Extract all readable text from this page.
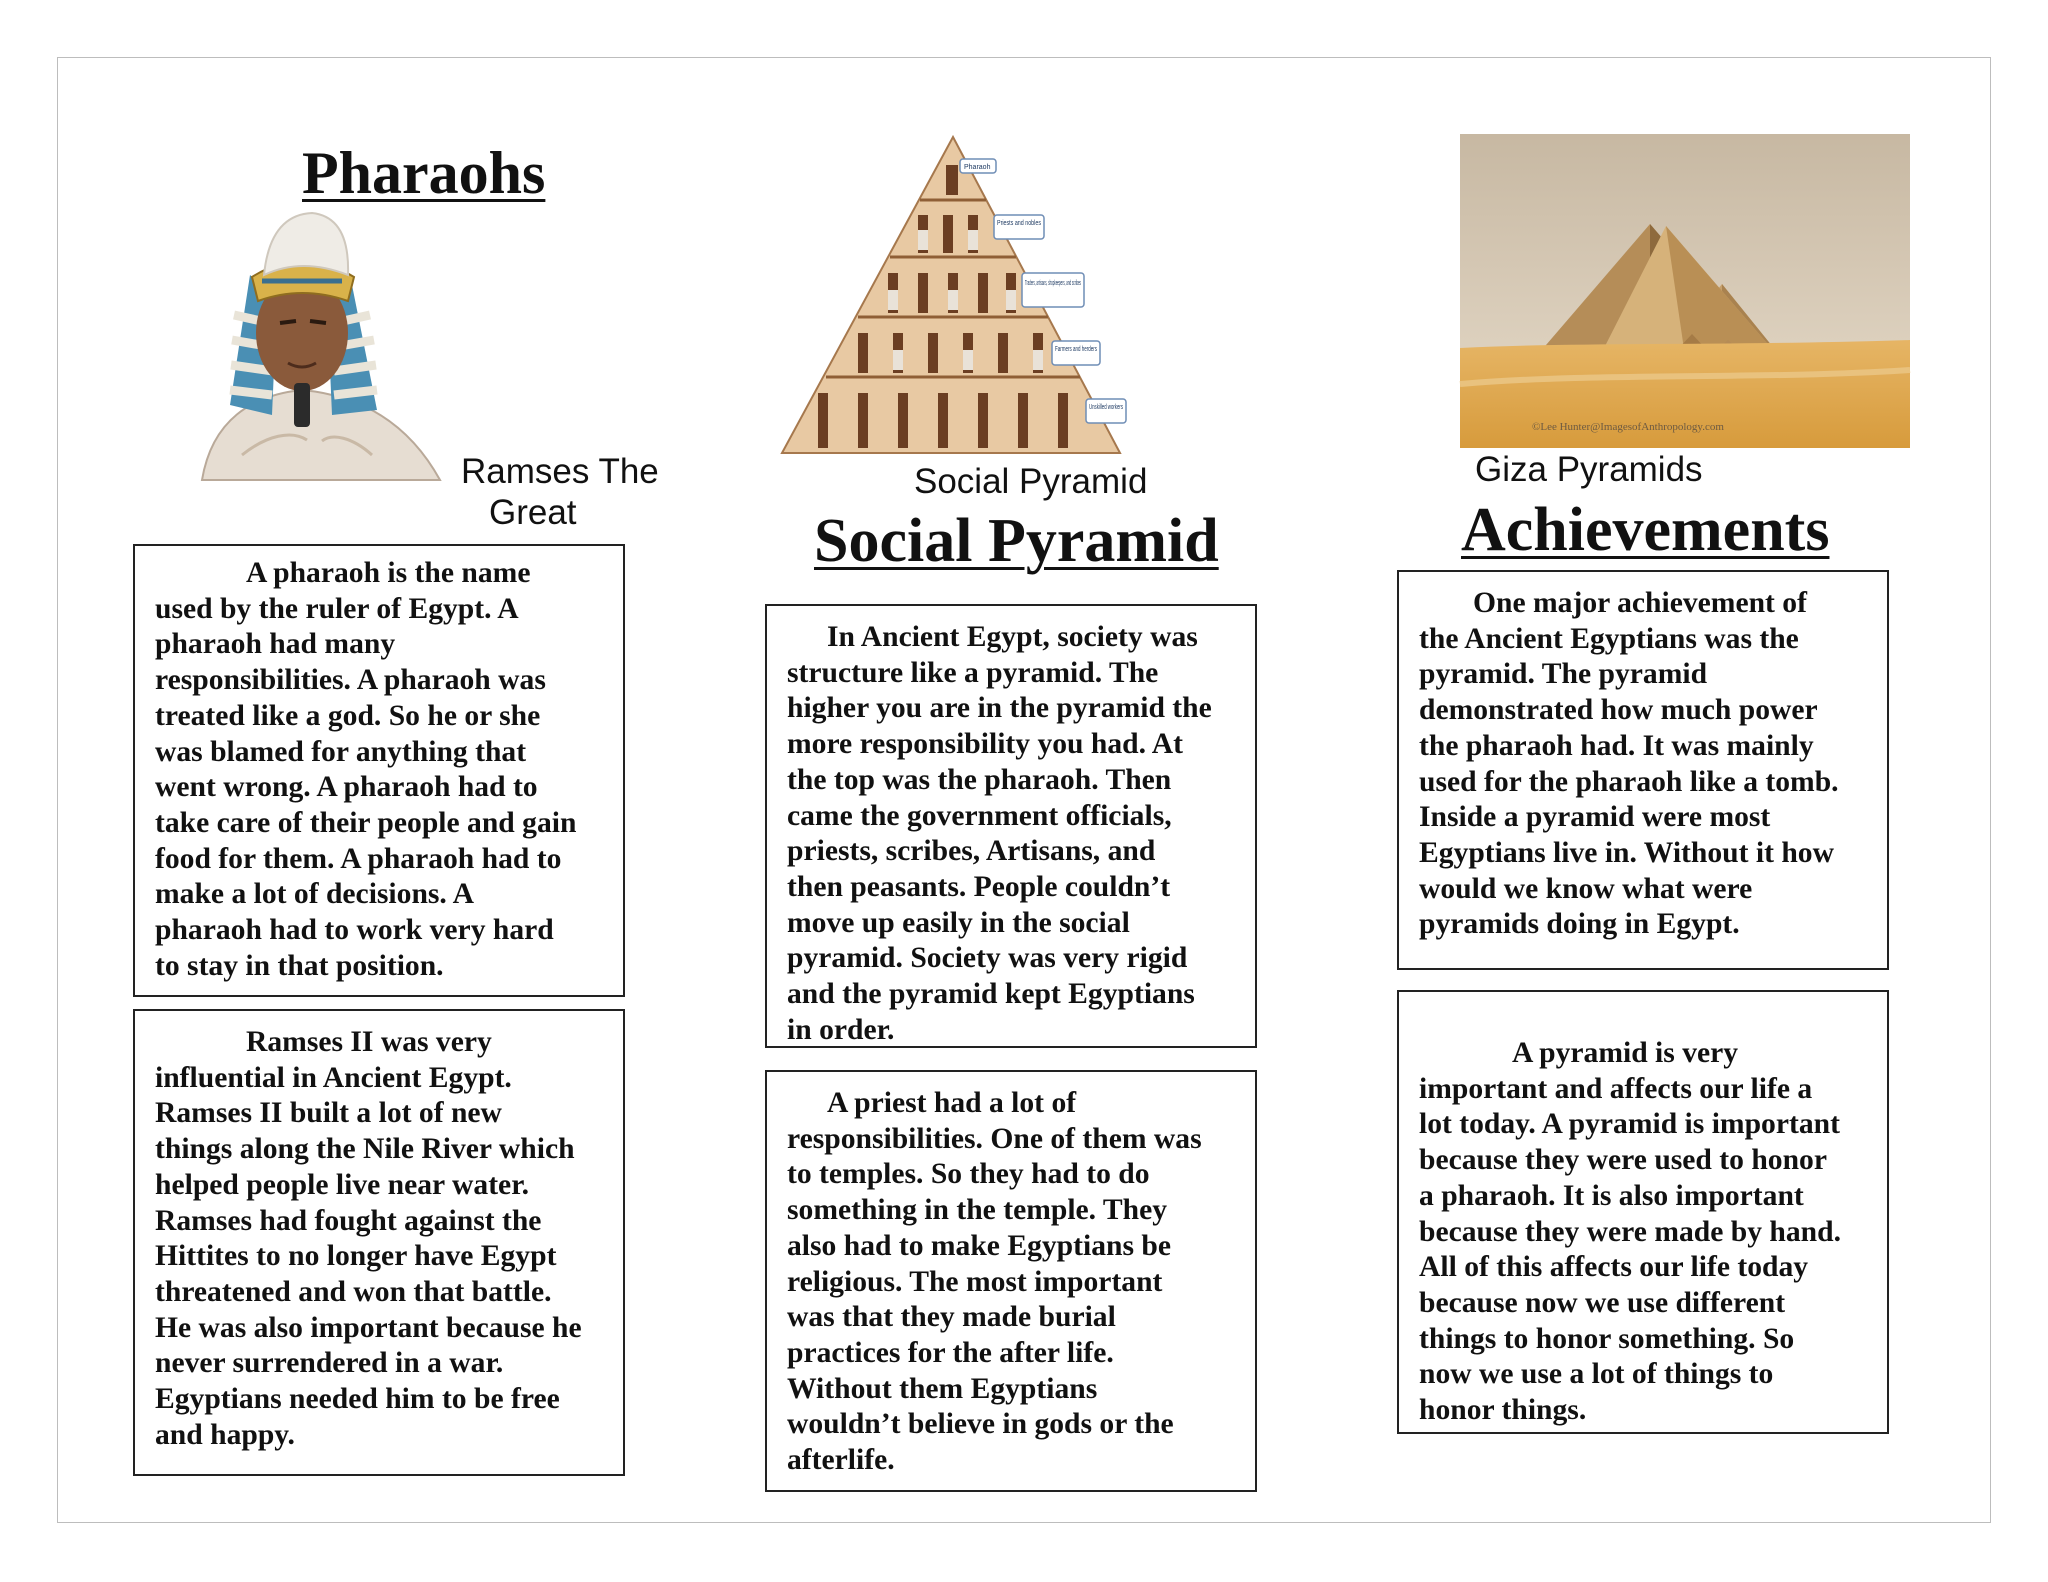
Pharaohs
Ramses The
Great

A pharaoh is the name

used by the ruler of Egypt. A

pharaoh had many

responsibilities. A pharaoh was

treated like a god. So he or she

was blamed for anything that

went wrong. A pharaoh had to

take care of their people and gain

food for them. A pharaoh had to

make a lot of decisions. A

pharaoh had to work very hard

to stay in that position.

Ramses II was very

influential in Ancient Egypt.

Ramses II built a lot of new

things along the Nile River which

helped people live near water.

Ramses had fought against the

Hittites to no longer have Egypt

threatened and won that battle.

He was also important because he

never surrendered in a war.

Egyptians needed him to be free

and happy.

Pharaoh
Priests and nobles
Traders, artisans, shopkeepers, and scribes
Farmers and herders
Unskilled workers
Social Pyramid
Social Pyramid

In Ancient Egypt, society was

structure like a pyramid. The

higher you are in the pyramid the

more responsibility you had. At

the top was the pharaoh. Then

came the government officials,

priests, scribes, Artisans, and

then peasants. People couldn’t

move up easily in the social

pyramid. Society was very rigid

and the pyramid kept Egyptians

in order.

A priest had a lot of

responsibilities. One of them was

to temples. So they had to do

something in the temple. They

also had to make Egyptians be

religious. The most important

was that they made burial

practices for the after life.

Without them Egyptians

wouldn’t believe in gods or the

afterlife.

©Lee Hunter@ImagesofAnthropology.com
Giza Pyramids
Achievements

One major achievement of

the Ancient Egyptians was the

pyramid. The pyramid

demonstrated how much power

the pharaoh had. It was mainly

used for the pharaoh like a tomb.

Inside a pyramid were most

Egyptians live in. Without it how

would we know what were

pyramids doing in Egypt.

A pyramid is very

important and affects our life a

lot today. A pyramid is important

because they were used to honor

a pharaoh. It is also important

because they were made by hand.

All of this affects our life today

because now we use different

things to honor something. So

now we use a lot of things to

honor things.
